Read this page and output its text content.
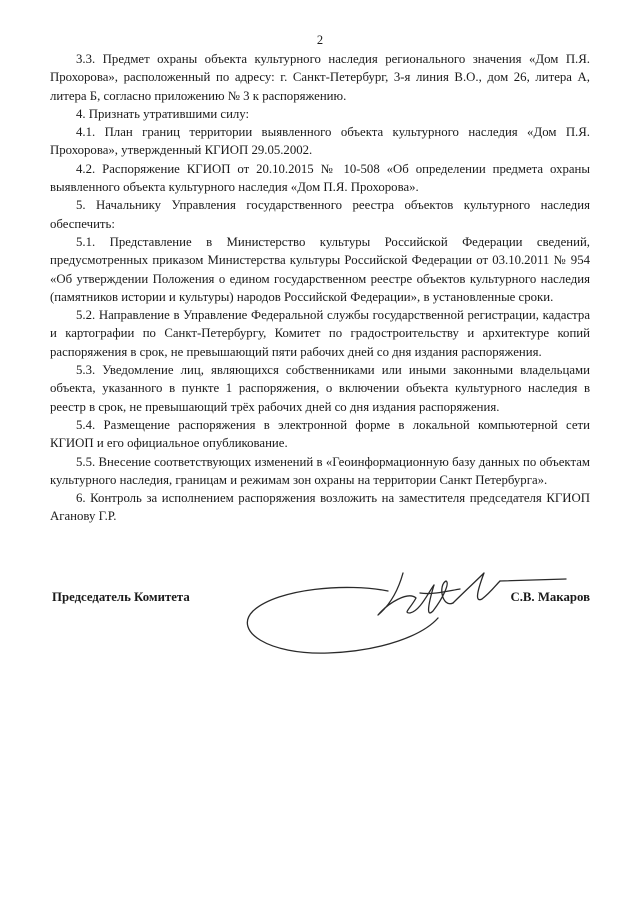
2

3.3. Предмет охраны объекта культурного наследия регионального значения «Дом П.Я. Прохорова», расположенный по адресу: г. Санкт-Петербург, 3-я линия В.О., дом 26, литера А, литера Б, согласно приложению № 3 к распоряжению.

4. Признать утратившими силу:

4.1. План границ территории выявленного объекта культурного наследия «Дом П.Я. Прохорова», утвержденный КГИОП 29.05.2002.

4.2. Распоряжение КГИОП от 20.10.2015 № 10-508 «Об определении предмета охраны выявленного объекта культурного наследия «Дом П.Я. Прохорова».

5. Начальнику Управления государственного реестра объектов культурного наследия обеспечить:

5.1. Представление в Министерство культуры Российской Федерации сведений, предусмотренных приказом Министерства культуры Российской Федерации от 03.10.2011 № 954 «Об утверждении Положения о едином государственном реестре объектов культурного наследия (памятников истории и культуры) народов Российской Федерации», в установленные сроки.

5.2. Направление в Управление Федеральной службы государственной регистрации, кадастра и картографии по Санкт-Петербургу, Комитет по градостроительству и архитектуре копий распоряжения в срок, не превышающий пяти рабочих дней со дня издания распоряжения.

5.3. Уведомление лиц, являющихся собственниками или иными законными владельцами объекта, указанного в пункте 1 распоряжения, о включении объекта культурного наследия в реестр в срок, не превышающий трёх рабочих дней со дня издания распоряжения.

5.4. Размещение распоряжения в электронной форме в локальной компьютерной сети КГИОП и его официальное опубликование.

5.5. Внесение соответствующих изменений в «Геоинформационную базу данных по объектам культурного наследия, границам и режимам зон охраны на территории Санкт Петербурга».

6. Контроль за исполнением распоряжения возложить на заместителя председателя КГИОП Аганову Г.Р.

Председатель Комитета	С.В. Макаров
